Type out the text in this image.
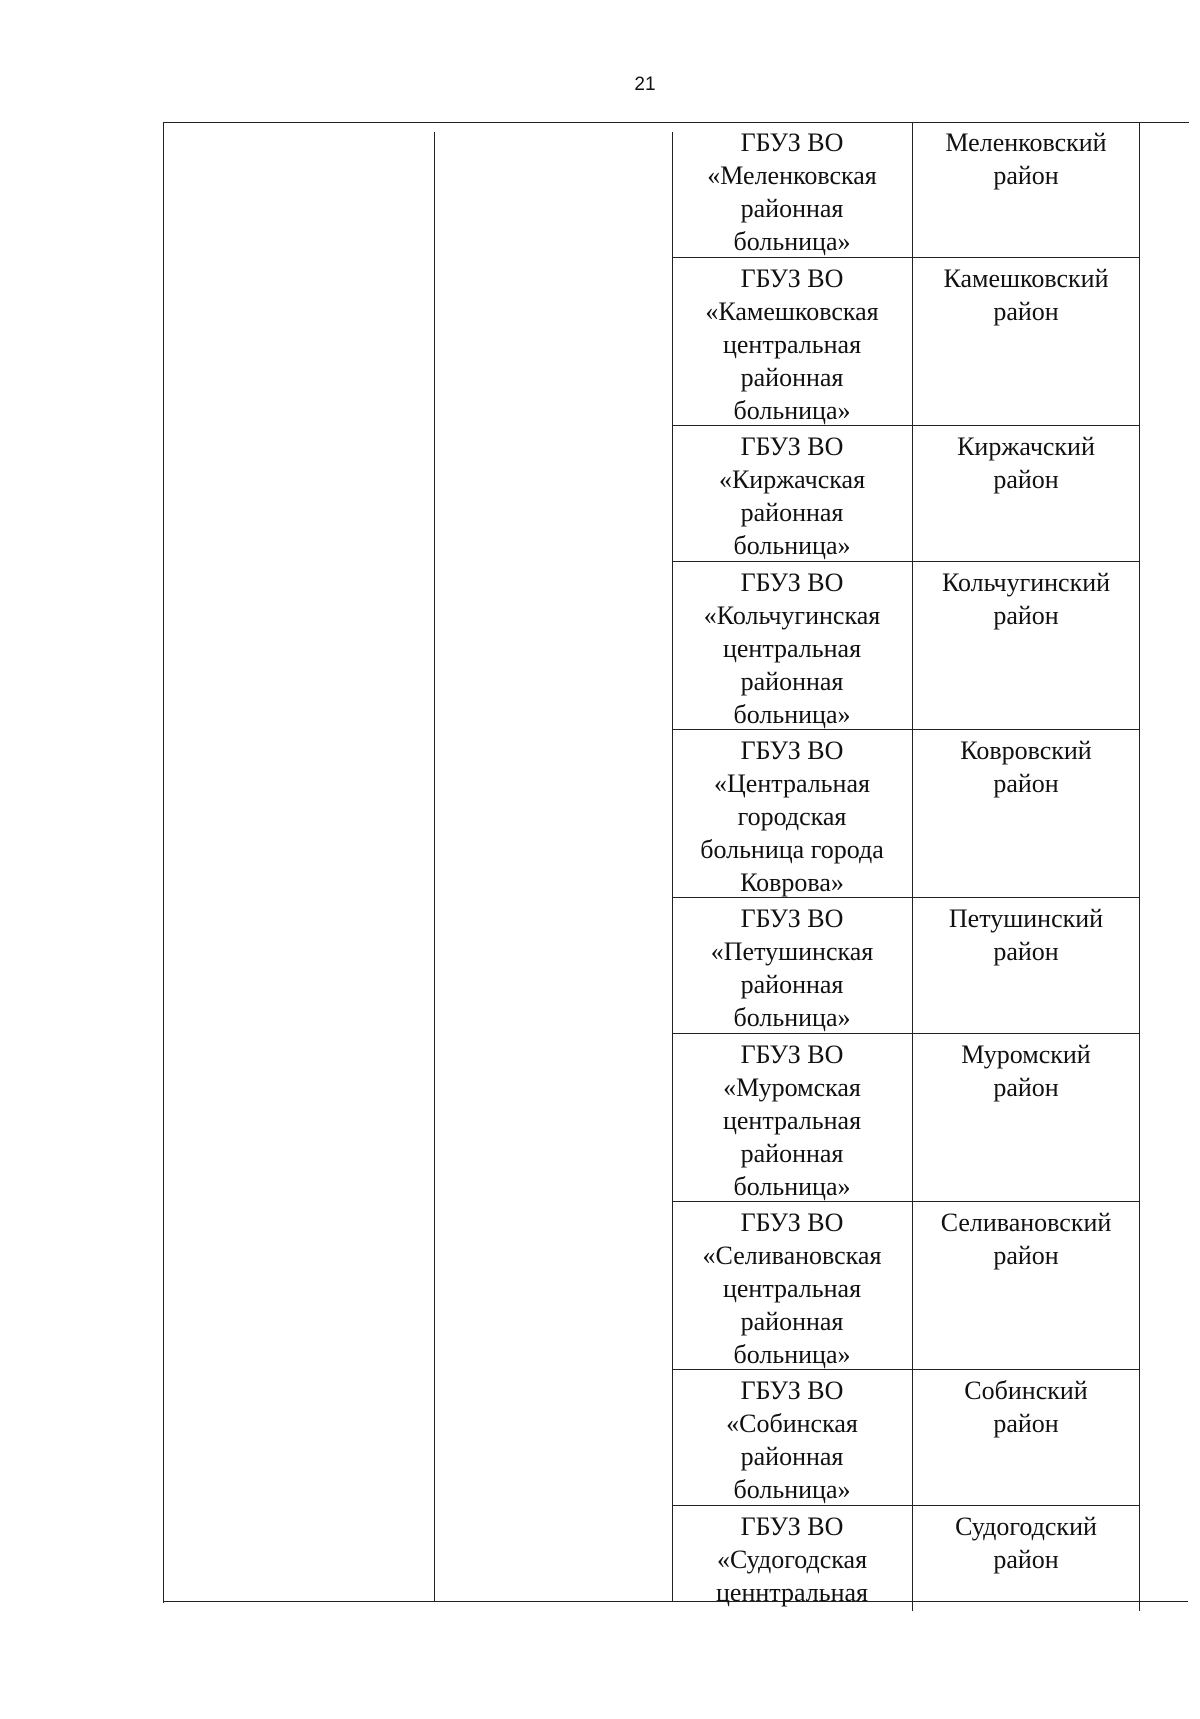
21
ГБУЗ ВО
«Меленковская
районная
больница»
Меленковский
район
ГБУЗ ВО
«Камешковская
центральная
районная
больница»
Камешковский
район
ГБУЗ ВО
«Киржачская
районная
больница»
Киржачский
район
ГБУЗ ВО
«Кольчугинская
центральная
районная
больница»
Кольчугинский
район
ГБУЗ ВО
«Центральная
городская
больница города
Коврова»
Ковровский
район
ГБУЗ ВО
«Петушинская
районная
больница»
Петушинский
район
ГБУЗ ВО
«Муромская
центральная
районная
больница»
Муромский
район
ГБУЗ ВО
«Селивановская
центральная
районная
больница»
Селивановский
район
ГБУЗ ВО
«Собинская
районная
больница»
Собинский
район
ГБУЗ ВО
«Судогодская
ценнтральная
Судогодский
район
